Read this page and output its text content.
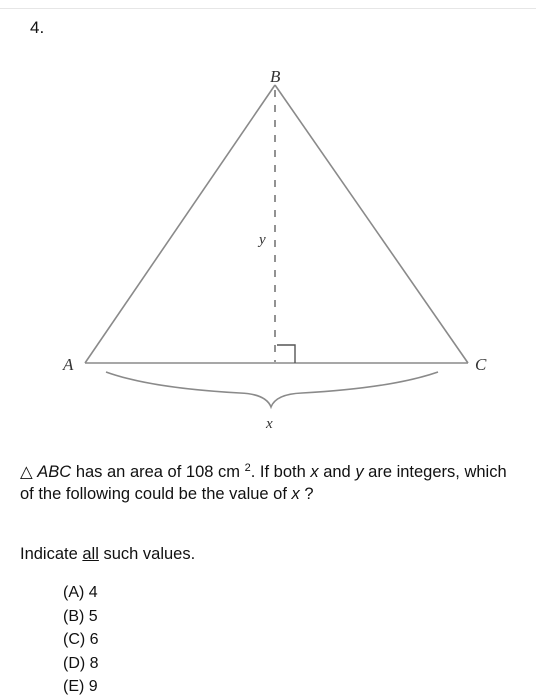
4.
B
A	C
y
x
△ ABC has an area of 108 cm $^2$. If both x and y are integers, which of the following could be the value of x ?
Indicate all such values.
(A) 4
(B) 5
(C) 6
(D) 8
(E) 9
